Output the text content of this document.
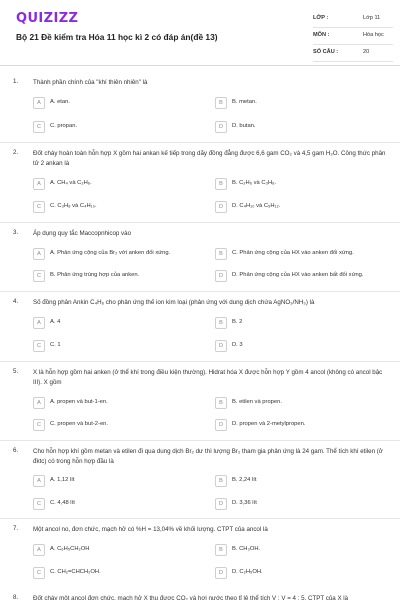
QUIZIZZ
Bộ 21 Đề kiểm tra Hóa 11 học kì 2 có đáp án(đề 13)
LỚP :	Lớp 11
MÔN :	Hóa học
SỐ CÂU :	20
1. Thành phần chính của "khí thiên nhiên" là
A	A. etan.	B	B. metan.
C	C. propan.	D	D. butan.
2. Đốt cháy hoàn toàn hỗn hợp X gồm hai ankan kế tiếp trong dãy đồng đẳng được 6,6 gam CO₂ và 4,5 gam H₂O. Công thức phân tử 2 ankan là
A	A. CH₄ và C₂H₆.	B	B. C₂H₆ và C₃H₈.
C	C. C₃H₈ và C₄H₁₀.	D	D. C₄H₁₀ và C₅H₁₂.
3. Áp dụng quy tắc Maccopnhicop vào
A	A. Phản ứng cộng của Br₂ với anken đối xứng.	B	C. Phản ứng cộng của HX vào anken đối xứng.
C	B. Phản ứng trùng hợp của anken.	D	D. Phản ứng cộng của HX vào anken bất đối xứng.
4. Số đồng phân Ankin C₄H₆ cho phản ứng thế ion kim loại (phản ứng với dung dịch chứa AgNO₃/NH₃) là
A	A. 4	B	B. 2
C	C. 1	D	D. 3
5. X là hỗn hợp gồm hai anken (ở thể khí trong điều kiện thường). Hidrat hóa X được hỗn hợp Y gồm 4 ancol (không có ancol bậc III). X gồm
A	A. propen và but-1-en.	B	B. etilen và propen.
C	C. propen và but-2-en.	D	D. propen và 2-metylpropen.
6. Cho hỗn hợp khí gồm metan và etilen đi qua dung dịch Br₂ dư thì lượng Br₂ tham gia phản ứng là 24 gam. Thể tích khí etilen (ở đktc) có trong hỗn hợp đầu là
A	A. 1,12 lít	B	B. 2,24 lít
C	C. 4,48 lít	D	D. 3,36 lít
7. Một ancol no, đơn chức, mạch hở có %H = 13,04% về khối lượng. CTPT của ancol là
A	A. C₆H₅CH₂OH	B	B. CH₃OH.
C	C. CH₂=CHCH₂OH.	D	D. C₂H₅OH.
8. Đốt cháy một ancol đơn chức, mạch hở X thu được CO₂ và hơi nước theo tỉ lệ thể tích V : V = 4 : 5. CTPT của X là
